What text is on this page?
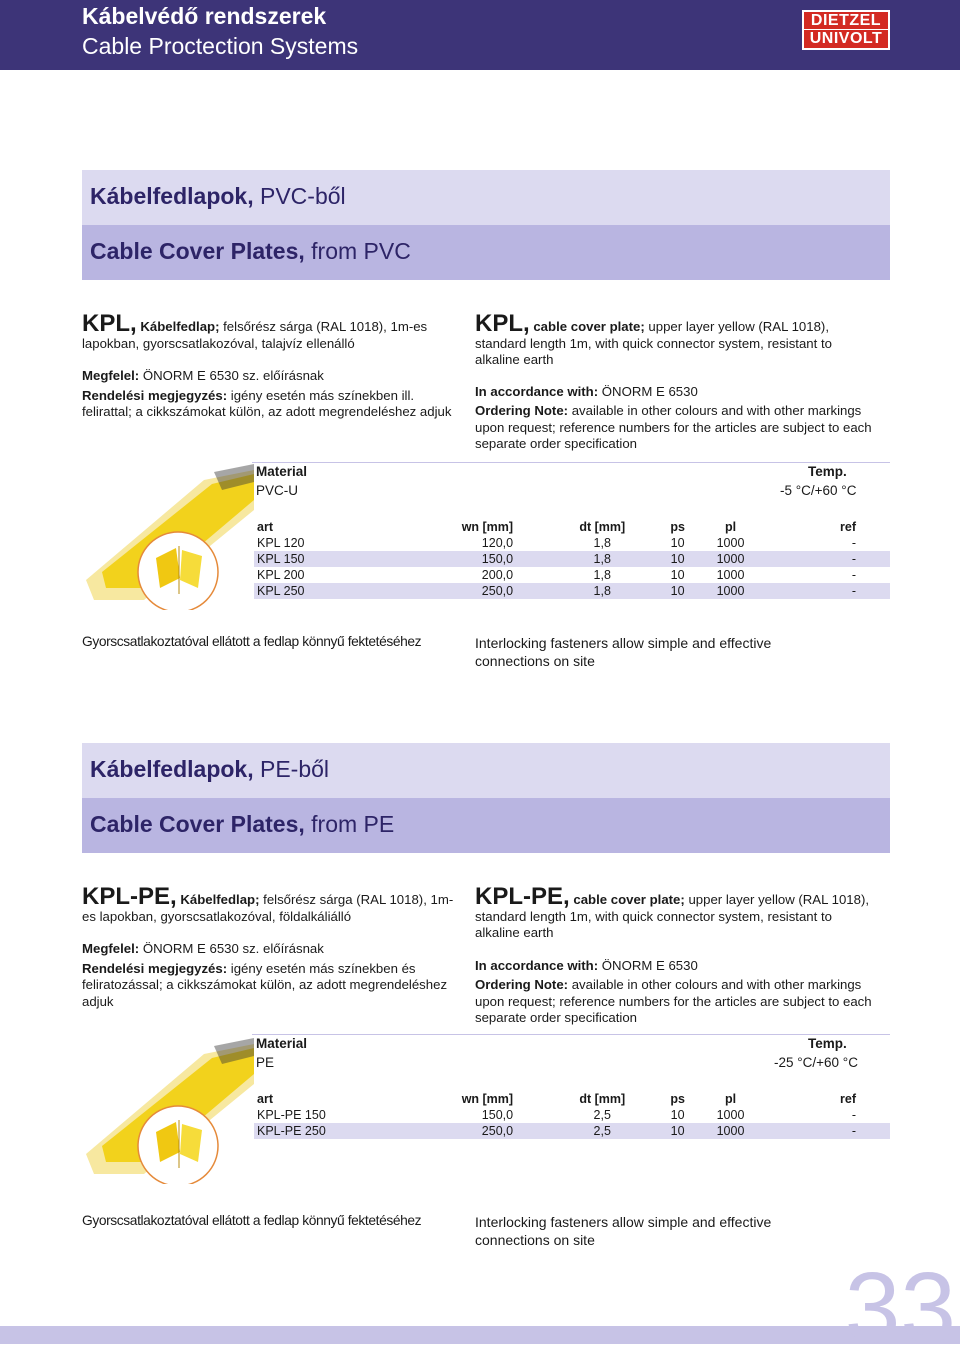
Kábelvédő rendszerek
Cable Proctection Systems
DIETZEL
UNIVOLT
Kábelfedlapok, PVC-ből
Cable Cover Plates, from PVC
KPL, Kábelfedlap; felsőrész sárga (RAL 1018), 1m-es lapokban, gyorscsatlakozóval, talajvíz ellenálló
Megfelel: ÖNORM E 6530 sz. előírásnak
Rendelési megjegyzés: igény esetén más színekben ill. felirattal; a cikkszámokat külön, az adott megrendeléshez adjuk
KPL, cable cover plate; upper layer yellow (RAL 1018), standard length 1m, with quick connector system, resistant to alkaline earth
In accordance with: ÖNORM E 6530
Ordering Note: available in other colours and with other markings upon request; reference numbers for the articles are subject to each separate order specification
Material	Temp.
PVC-U	-5 °C/+60 °C
art	wn [mm]	dt [mm]	ps	pl	ref
KPL 120	120,0	1,8	10	1000	-
KPL 150	150,0	1,8	10	1000	-
KPL 200	200,0	1,8	10	1000	-
KPL 250	250,0	1,8	10	1000	-
Gyorscsatlakoztatóval ellátott a fedlap könnyű fektetéséhez	Interlocking fasteners allow simple and effective connections on site
Kábelfedlapok, PE-ből
Cable Cover Plates, from PE
KPL-PE, Kábelfedlap; felsőrész sárga (RAL 1018), 1m-es lapokban, gyorscsatlakozóval, földalkáliálló
Megfelel: ÖNORM E 6530 sz. előírásnak
Rendelési megjegyzés: igény esetén más színekben és feliratozással; a cikkszámokat külön, az adott megrendeléshez adjuk
KPL-PE, cable cover plate; upper layer yellow (RAL 1018), standard length 1m, with quick connector system, resistant to alkaline earth
In accordance with: ÖNORM E 6530
Ordering Note: available in other colours and with other markings upon request; reference numbers for the articles are subject to each separate order specification
Material	Temp.
PE	-25 °C/+60 °C
art	wn [mm]	dt [mm]	ps	pl	ref
KPL-PE 150	150,0	2,5	10	1000	-
KPL-PE 250	250,0	2,5	10	1000	-
Gyorscsatlakoztatóval ellátott a fedlap könnyű fektetéséhez	Interlocking fasteners allow simple and effective connections on site
33
